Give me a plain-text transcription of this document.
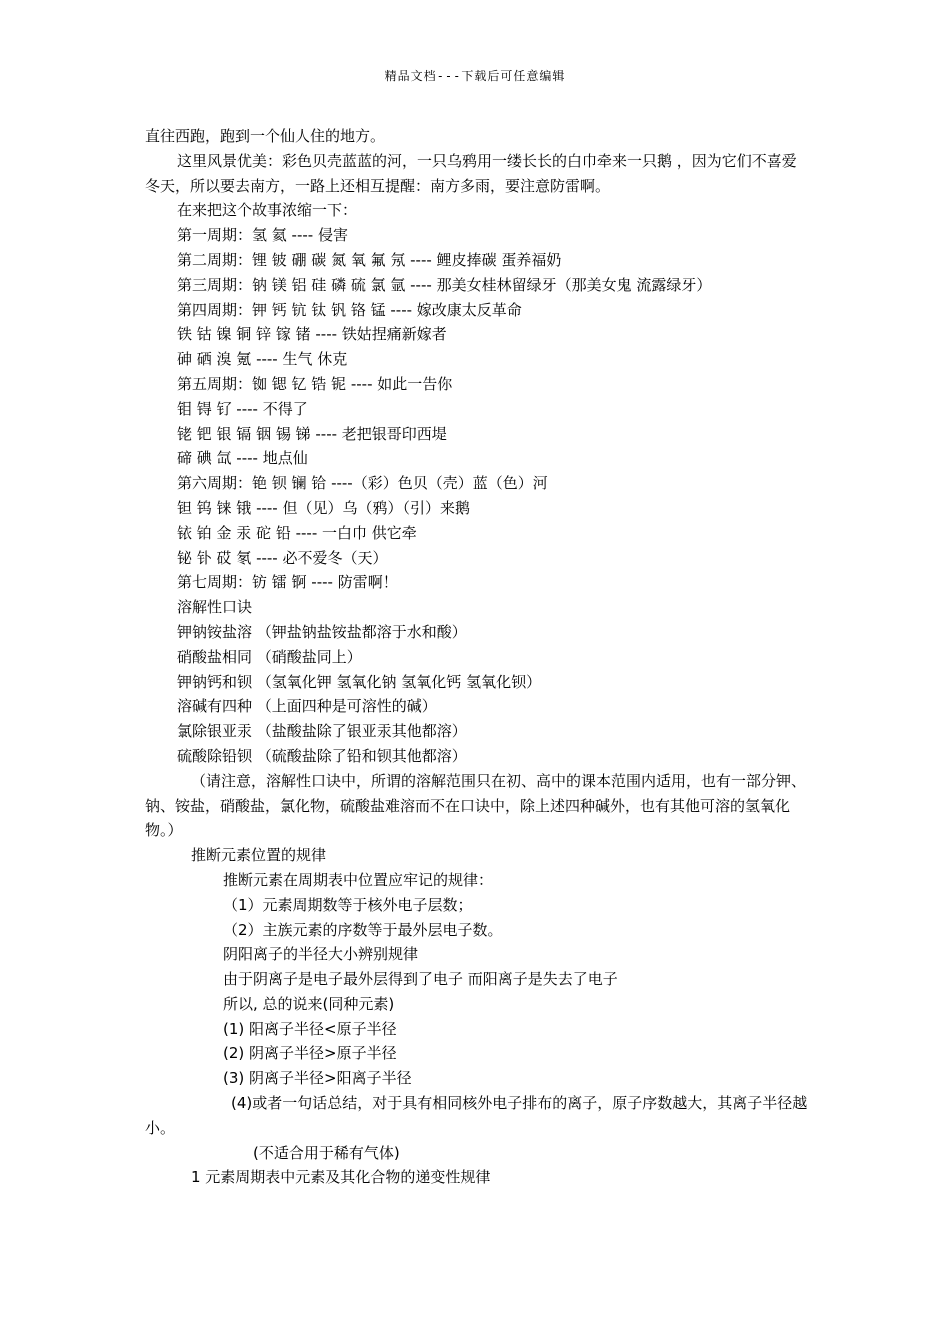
精品文档---下载后可任意编辑

直往西跑，跑到一个仙人住的地方。

这里风景优美：彩色贝壳蓝蓝的河，一只乌鸦用一缕长长的白巾牵来一只鹅 ，因为它们不喜爱冬天，所以要去南方，一路上还相互提醒：南方多雨，要注意防雷啊。

在来把这个故事浓缩一下：

第一周期：氢 氦 ---- 侵害

第二周期：锂 铍 硼 碳 氮 氧 氟 氖 ---- 鲤皮捧碳 蛋养福奶

第三周期：钠 镁 铝 硅 磷 硫 氯 氩 ---- 那美女桂林留绿牙（那美女鬼 流露绿牙）

第四周期：钾 钙 钪 钛 钒 铬 锰 ---- 嫁改康太反革命

铁 钴 镍 铜 锌 镓 锗 ---- 铁姑捏痛新嫁者

砷 硒 溴 氪 ---- 生气 休克

第五周期：铷 锶 钇 锆 铌 ---- 如此一告你

钼 锝 钌 ---- 不得了

铑 钯 银 镉 铟 锡 锑 ---- 老把银哥印西堤

碲 碘 氙 ---- 地点仙

第六周期：铯 钡 镧 铪 ----（彩）色贝（壳）蓝（色）河

钽 钨 铼 锇 ---- 但（见）乌（鸦）（引）来鹅

铱 铂 金 汞 砣 铅 ---- 一白巾 供它牵

铋 钋 砹 氡 ---- 必不爱冬（天）

第七周期：钫 镭 锕 ---- 防雷啊！

溶解性口诀

钾钠铵盐溶 （钾盐钠盐铵盐都溶于水和酸）

硝酸盐相同 （硝酸盐同上）

钾钠钙和钡 （氢氧化钾 氢氧化钠 氢氧化钙 氢氧化钡）

溶碱有四种 （上面四种是可溶性的碱）

氯除银亚汞 （盐酸盐除了银亚汞其他都溶）

硫酸除铅钡 （硫酸盐除了铅和钡其他都溶）

（请注意，溶解性口诀中，所谓的溶解范围只在初、高中的课本范围内适用，也有一部分钾、钠、铵盐，硝酸盐，氯化物，硫酸盐难溶而不在口诀中，除上述四种碱外，也有其他可溶的氢氧化物。）

推断元素位置的规律

推断元素在周期表中位置应牢记的规律：

（1）元素周期数等于核外电子层数；

（2）主族元素的序数等于最外层电子数。

阴阳离子的半径大小辨别规律

由于阴离子是电子最外层得到了电子 而阳离子是失去了电子

所以, 总的说来(同种元素)

(1) 阳离子半径<原子半径

(2) 阴离子半径>原子半径

(3) 阴离子半径>阳离子半径

(4)或者一句话总结，对于具有相同核外电子排布的离子，原子序数越大，其离子半径越小。

(不适合用于稀有气体)

1 元素周期表中元素及其化合物的递变性规律
